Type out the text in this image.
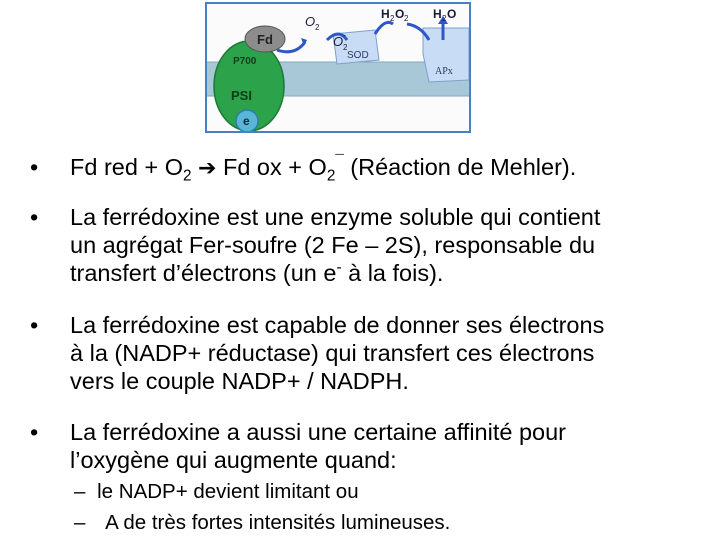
Fd
P700
PSI
e
O 2
O 2
-
SOD
H 2 O 2 H 2 O
APx
• Fd red + $O_2$ ➔ Fd ox + $O_2^¯$ (Réaction de Mehler).
• La ferrédoxine est une enzyme soluble qui contient
un agrégat Fer-soufre (2 Fe – 2S), responsable du
transfert d’électrons (un e- à la fois).
• La ferrédoxine est capable de donner ses électrons
à la (NADP+ réductase) qui transfert ces électrons
vers le couple NADP+ / NADPH.
• La ferrédoxine a aussi une certaine affinité pour
l’oxygène qui augmente quand:
– le NADP+ devient limitant ou
– A de très fortes intensités lumineuses.
